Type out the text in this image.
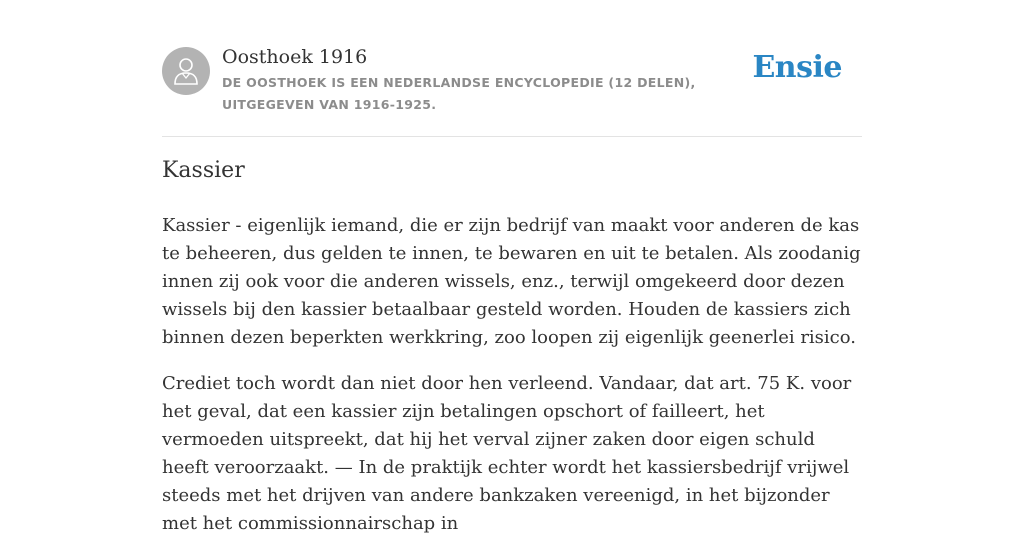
Oosthoek 1916

DE OOSTHOEK IS EEN NEDERLANDSE ENCYCLOPEDIE (12 DELEN), UITGEGEVEN VAN 1916-1925.

Ensie
Kassier

Kassier - eigenlijk iemand, die er zijn bedrijf van maakt voor anderen de kas te beheeren, dus gelden te innen, te bewaren en uit te betalen. Als zoodanig innen zij ook voor die anderen wissels, enz., terwijl omgekeerd door dezen wissels bij den kassier betaalbaar gesteld worden. Houden de kassiers zich binnen dezen beperkten werkkring, zoo loopen zij eigenlijk geenerlei risico.

Crediet toch wordt dan niet door hen verleend. Vandaar, dat art. 75 K. voor het geval, dat een kassier zijn betalingen opschort of failleert, het vermoeden uitspreekt, dat hij het verval zijner zaken door eigen schuld heeft veroorzaakt. — In de praktijk echter wordt het kassiersbedrijf vrijwel steeds met het drijven van andere bankzaken vereenigd, in het bijzonder met het commissionnairschap in
